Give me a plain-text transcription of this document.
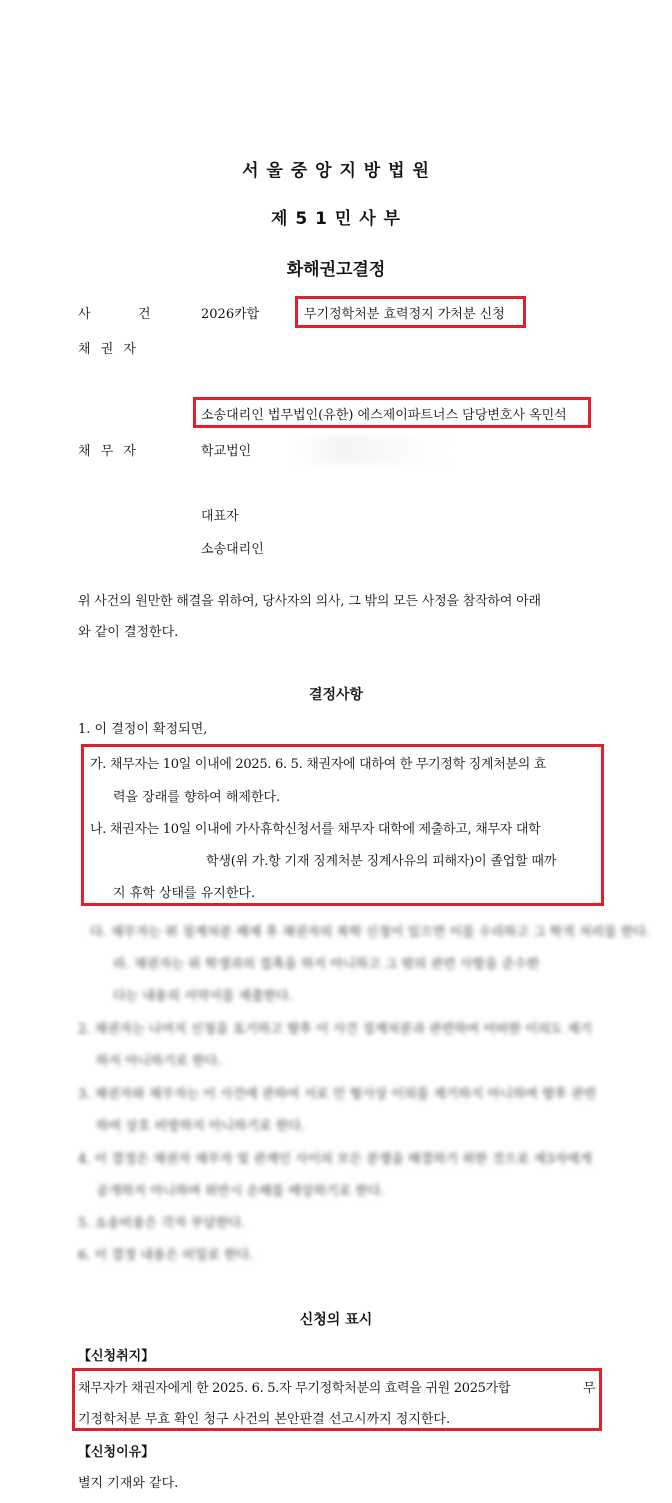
서 울 중 앙 지 방 법 원
제 5 1 민 사 부
화해권고결정
사	건	2026카합	무기정학처분 효력정지 가처분 신청
채 권 자
소송대리인 법무법인(유한) 에스제이파트너스 담당변호사 옥민석
채 무 자	학교법인
대표자
소송대리인
위 사건의 원만한 해결을 위하여, 당사자의 의사, 그 밖의 모든 사정을 참작하여 아래
와 같이 결정한다.
결정사항
1. 이 결정이 확정되면,
가. 채무자는 10일 이내에 2025. 6. 5. 채권자에 대하여 한 무기정학 징계처분의 효
력을 장래를 향하여 해제한다.
나. 채권자는 10일 이내에 가사휴학신청서를 채무자 대학에 제출하고, 채무자 대학
학생(위 가.항 기재 징계처분 징계사유의 피해자)이 졸업할 때까
지 휴학 상태를 유지한다.
다. 채무자는 위 징계처분 해제 후 채권자의 복학 신청이 있으면 이를 수리하고 그 학적 처리를 한다.
라. 채권자는 위 학생과의 접촉을 하지 아니하고 그 밖의 관련 사항을 준수한
다는 내용의 서약서를 제출한다.
2. 채권자는 나머지 신청을 포기하고 향후 이 사건 징계처분과 관련하여 어떠한 이의도 제기
하지 아니하기로 한다.
3. 채권자와 채무자는 이 사건에 관하여 서로 민 형사상 이의를 제기하지 아니하며 향후 관련
하여 상호 비방하지 아니하기로 한다.
4. 이 결정은 채권자 채무자 및 관계인 사이의 모든 분쟁을 해결하기 위한 것으로 제3자에게
공개하지 아니하며 위반시 손해를 배상하기로 한다.
5. 소송비용은 각자 부담한다.
6. 이 결정 내용은 비밀로 한다.
신청의 표시
【신청취지】
채무자가 채권자에게 한 2025. 6. 5.자 무기정학처분의 효력을 귀원 2025가합	무
기정학처분 무효 확인 청구 사건의 본안판결 선고시까지 정지한다.
【신청이유】
별지 기재와 같다.
